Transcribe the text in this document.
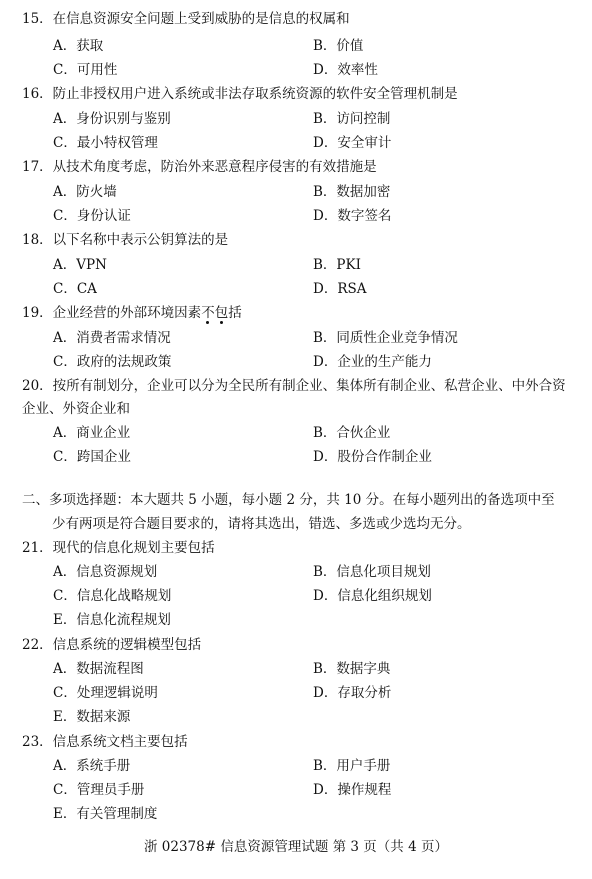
15．在信息资源安全问题上受到威胁的是信息的权属和
A．获取	B．价值
C．可用性	D．效率性
16．防止非授权用户进入系统或非法存取系统资源的软件安全管理机制是
A．身份识别与鉴别	B．访问控制
C．最小特权管理	D．安全审计
17．从技术角度考虑，防治外来恶意程序侵害的有效措施是
A．防火墙	B．数据加密
C．身份认证	D．数字签名
18．以下名称中表示公钥算法的是
A．VPN	B．PKI
C．CA	D．RSA
19．企业经营的外部环境因素不包括
A．消费者需求情况	B．同质性企业竞争情况
C．政府的法规政策	D．企业的生产能力
20．按所有制划分，企业可以分为全民所有制企业、集体所有制企业、私营企业、中外合资企业、外资企业和
A．商业企业	B．合伙企业
C．跨国企业	D．股份合作制企业
二、多项选择题：本大题共 5 小题，每小题 2 分，共 10 分。在每小题列出的备选项中至
少有两项是符合题目要求的，请将其选出，错选、多选或少选均无分。
21．现代的信息化规划主要包括
A．信息资源规划	B．信息化项目规划
C．信息化战略规划	D．信息化组织规划
E．信息化流程规划
22．信息系统的逻辑模型包括
A．数据流程图	B．数据字典
C．处理逻辑说明	D．存取分析
E．数据来源
23．信息系统文档主要包括
A．系统手册	B．用户手册
C．管理员手册	D．操作规程
E．有关管理制度
浙 02378# 信息资源管理试题 第 3 页（共 4 页）
